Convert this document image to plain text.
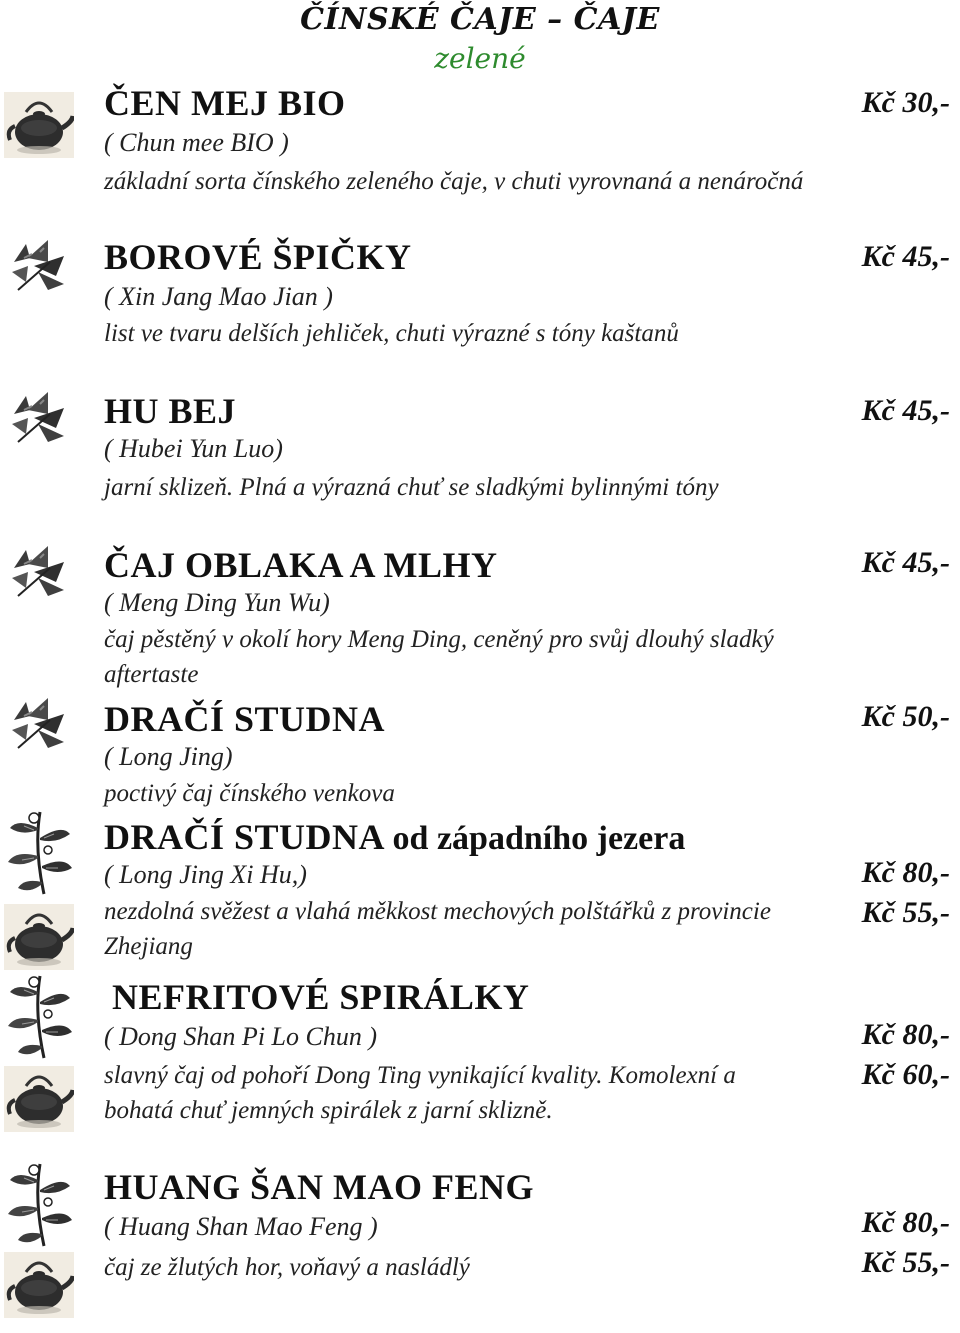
ČÍNSKÉ ČAJE – ČAJE
zelené
ČEN MEJ BIO
( Chun mee BIO )
základní sorta čínského zeleného čaje, v chuti vyrovnaná a nenáročná
Kč 30,-
BOROVÉ ŠPIČKY
( Xin Jang Mao Jian )
list ve tvaru delších jehliček, chuti výrazné s tóny kaštanů
Kč 45,-
HU BEJ
( Hubei Yun Luo)
jarní sklizeň. Plná a výrazná chuť se sladkými bylinnými tóny
Kč 45,-
ČAJ OBLAKA A MLHY
( Meng Ding Yun Wu)
čaj pěstěný v okolí hory Meng Ding, ceněný pro svůj dlouhý sladký aftertaste
Kč 45,-
DRAČÍ STUDNA
( Long Jing)
poctivý čaj čínského venkova
Kč 50,-
DRAČÍ STUDNA od západního jezera
( Long Jing Xi Hu,)
nezdolná svěžest a vlahá měkkost mechových polštářků z provincie Zhejiang
Kč 80,-
Kč 55,-
NEFRITOVÉ SPIRÁLKY
( Dong Shan Pi Lo Chun )
slavný čaj od pohoří Dong Ting vynikající kvality. Komolexní a bohatá chuť jemných spirálek z jarní sklizně.
Kč 80,-
Kč 60,-
HUANG ŠAN MAO FENG
( Huang Shan Mao Feng )
čaj ze žlutých hor, voňavý a nasládlý
Kč 80,-
Kč 55,-
